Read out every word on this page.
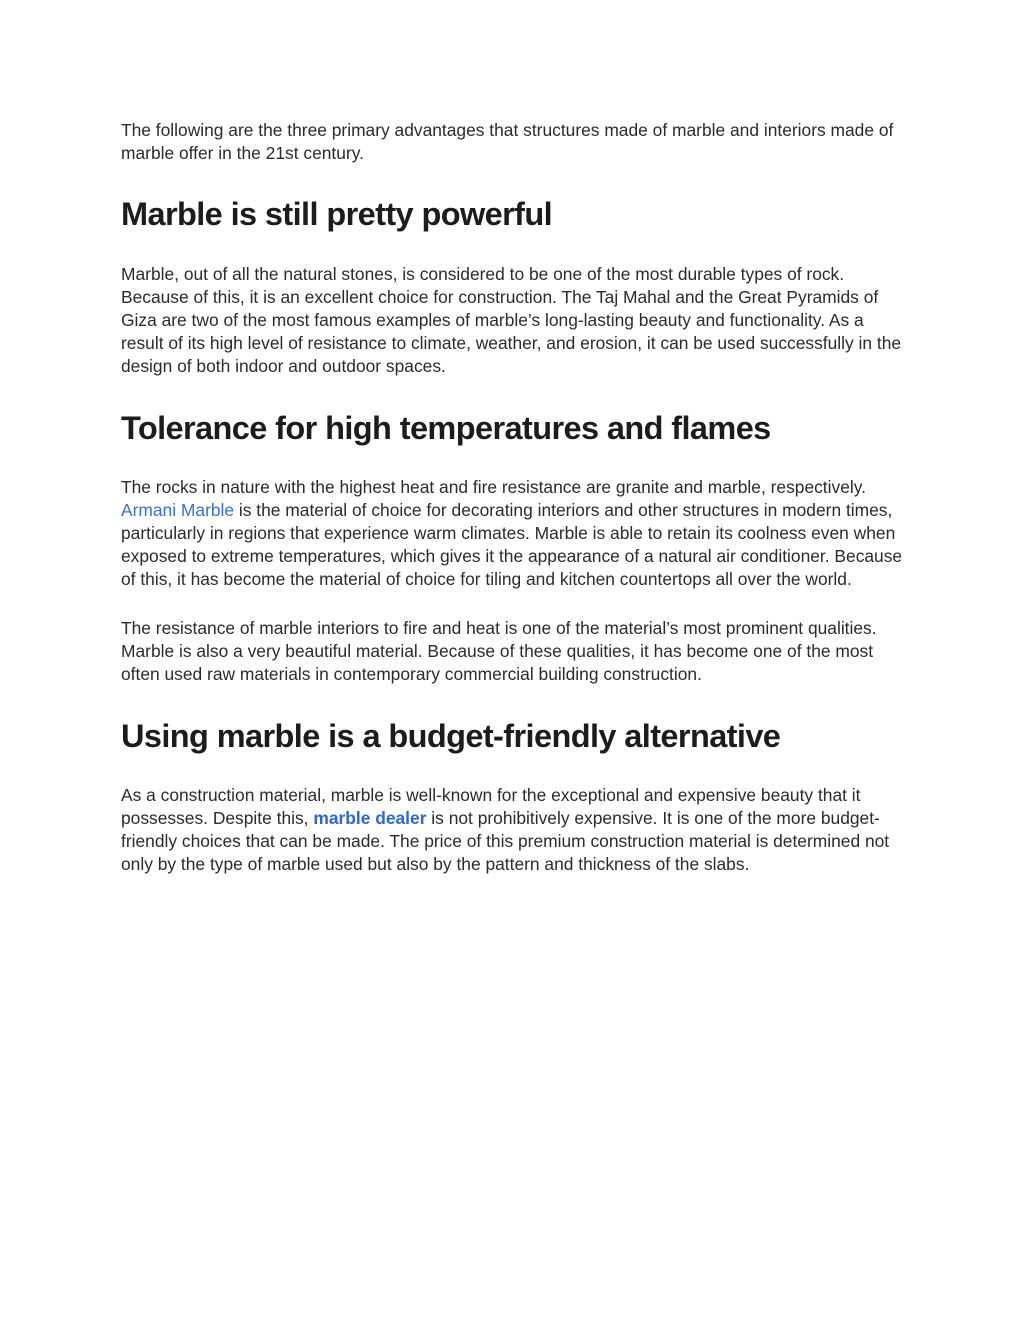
The following are the three primary advantages that structures made of marble and interiors made of marble offer in the 21st century.

Marble is still pretty powerful

Marble, out of all the natural stones, is considered to be one of the most durable types of rock. Because of this, it is an excellent choice for construction. The Taj Mahal and the Great Pyramids of Giza are two of the most famous examples of marble’s long-lasting beauty and functionality. As a result of its high level of resistance to climate, weather, and erosion, it can be used successfully in the design of both indoor and outdoor spaces.

Tolerance for high temperatures and flames

The rocks in nature with the highest heat and fire resistance are granite and marble, respectively. Armani Marble is the material of choice for decorating interiors and other structures in modern times, particularly in regions that experience warm climates. Marble is able to retain its coolness even when exposed to extreme temperatures, which gives it the appearance of a natural air conditioner. Because of this, it has become the material of choice for tiling and kitchen countertops all over the world.

The resistance of marble interiors to fire and heat is one of the material’s most prominent qualities. Marble is also a very beautiful material. Because of these qualities, it has become one of the most often used raw materials in contemporary commercial building construction.

Using marble is a budget-friendly alternative

As a construction material, marble is well-known for the exceptional and expensive beauty that it possesses. Despite this, marble dealer is not prohibitively expensive. It is one of the more budget-friendly choices that can be made. The price of this premium construction material is determined not only by the type of marble used but also by the pattern and thickness of the slabs.
